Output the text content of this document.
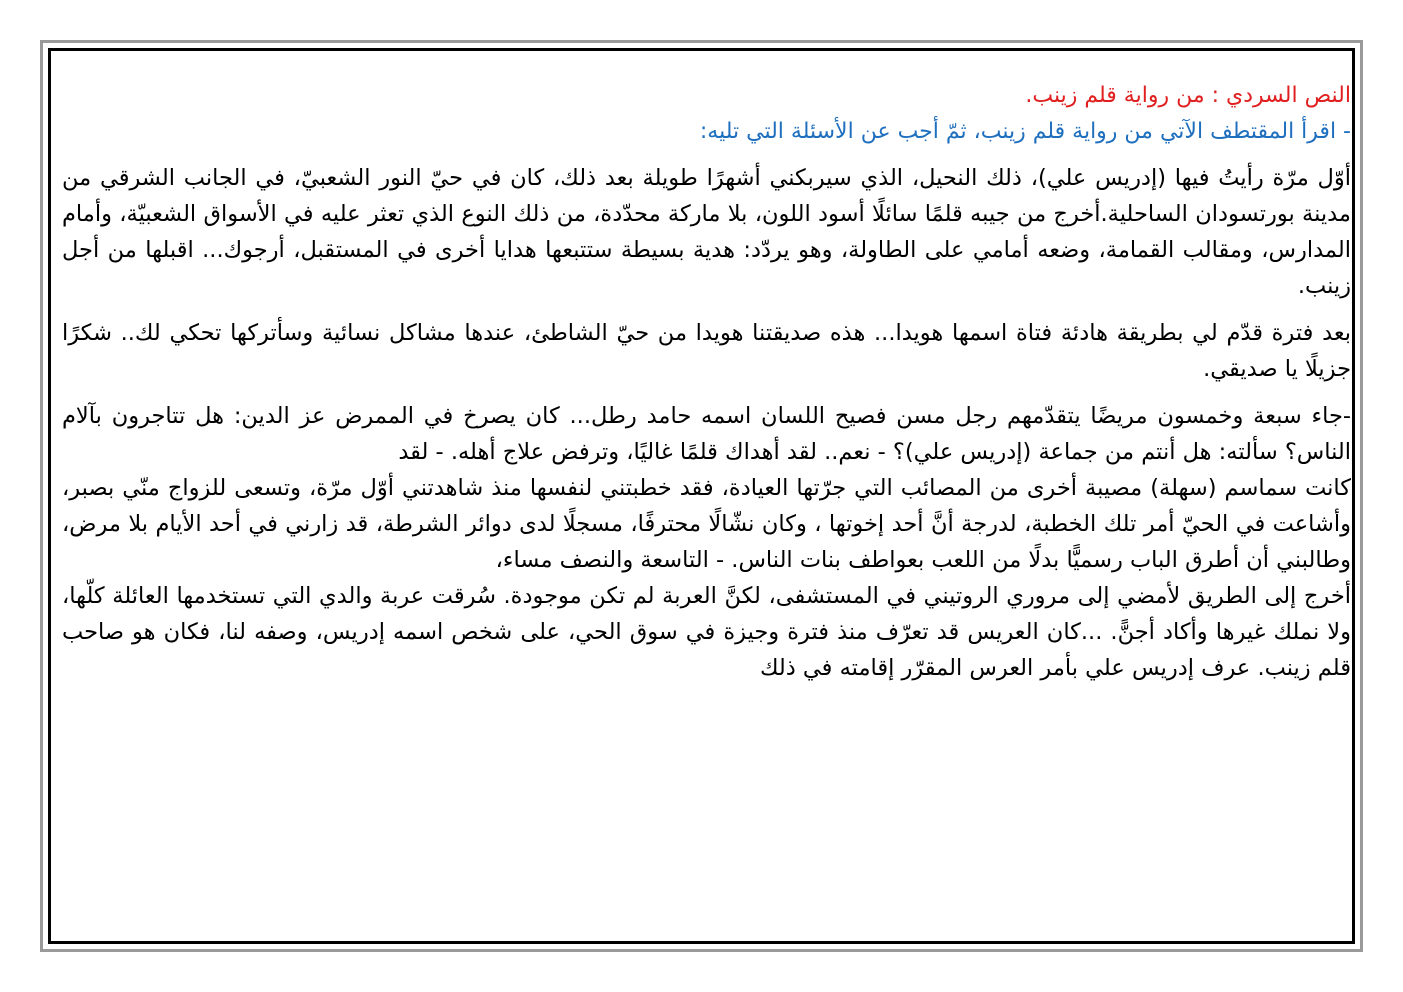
النص السردي : من رواية قلم زينب.

- اقرأ المقتطف الآتي من رواية قلم زينب، ثمّ أجب عن الأسئلة التي تليه:

أوّل مرّة رأيتُ فيها (إدريس علي)، ذلك النحيل، الذي سيربكني أشهرًا طويلة بعد ذلك، كان في حيّ النور الشعبيّ، في الجانب الشرقي من مدينة بورتسودان الساحلية.أخرج من جيبه قلمًا سائلًا أسود اللون، بلا ماركة محدّدة، من ذلك النوع الذي تعثر عليه في الأسواق الشعبيّة، وأمام المدارس، ومقالب القمامة، وضعه أمامي على الطاولة، وهو يردّد: هدية بسيطة ستتبعها هدايا أخرى في المستقبل، أرجوك... اقبلها من أجل زينب.

بعد فترة قدّم لي بطريقة هادئة فتاة اسمها هويدا... هذه صديقتنا هويدا من حيّ الشاطئ، عندها مشاكل نسائية وسأتركها تحكي لك.. شكرًا جزيلًا يا صديقي.

-جاء سبعة وخمسون مريضًا يتقدّمهم رجل مسن فصيح اللسان اسمه حامد رطل... كان يصرخ في الممرض عز الدين: هل تتاجرون بآلام الناس؟ سألته: هل أنتم من جماعة (إدريس علي)؟ - نعم.. لقد أهداك قلمًا غاليًا، وترفض علاج أهله. - لقد

كانت سماسم (سهلة) مصيبة أخرى من المصائب التي جرّتها العيادة، فقد خطبتني لنفسها منذ شاهدتني أوّل مرّة، وتسعى للزواج منّي بصبر، وأشاعت في الحيّ أمر تلك الخطبة، لدرجة أنَّ أحد إخوتها ، وكان نشّالًا محترفًا، مسجلًا لدى دوائر الشرطة، قد زارني في أحد الأيام بلا مرض، وطالبني أن أطرق الباب رسميًّا بدلًا من اللعب بعواطف بنات الناس. - التاسعة والنصف مساء،

أخرج إلى الطريق لأمضي إلى مروري الروتيني في المستشفى، لكنَّ العربة لم تكن موجودة. سُرقت عربة والدي التي تستخدمها العائلة كلّها، ولا نملك غيرها وأكاد أجنًّ. ...كان العريس قد تعرّف منذ فترة وجيزة في سوق الحي، على شخص اسمه إدريس، وصفه لنا، فكان هو صاحب قلم زينب. عرف إدريس علي بأمر العرس المقرّر إقامته في ذلك
